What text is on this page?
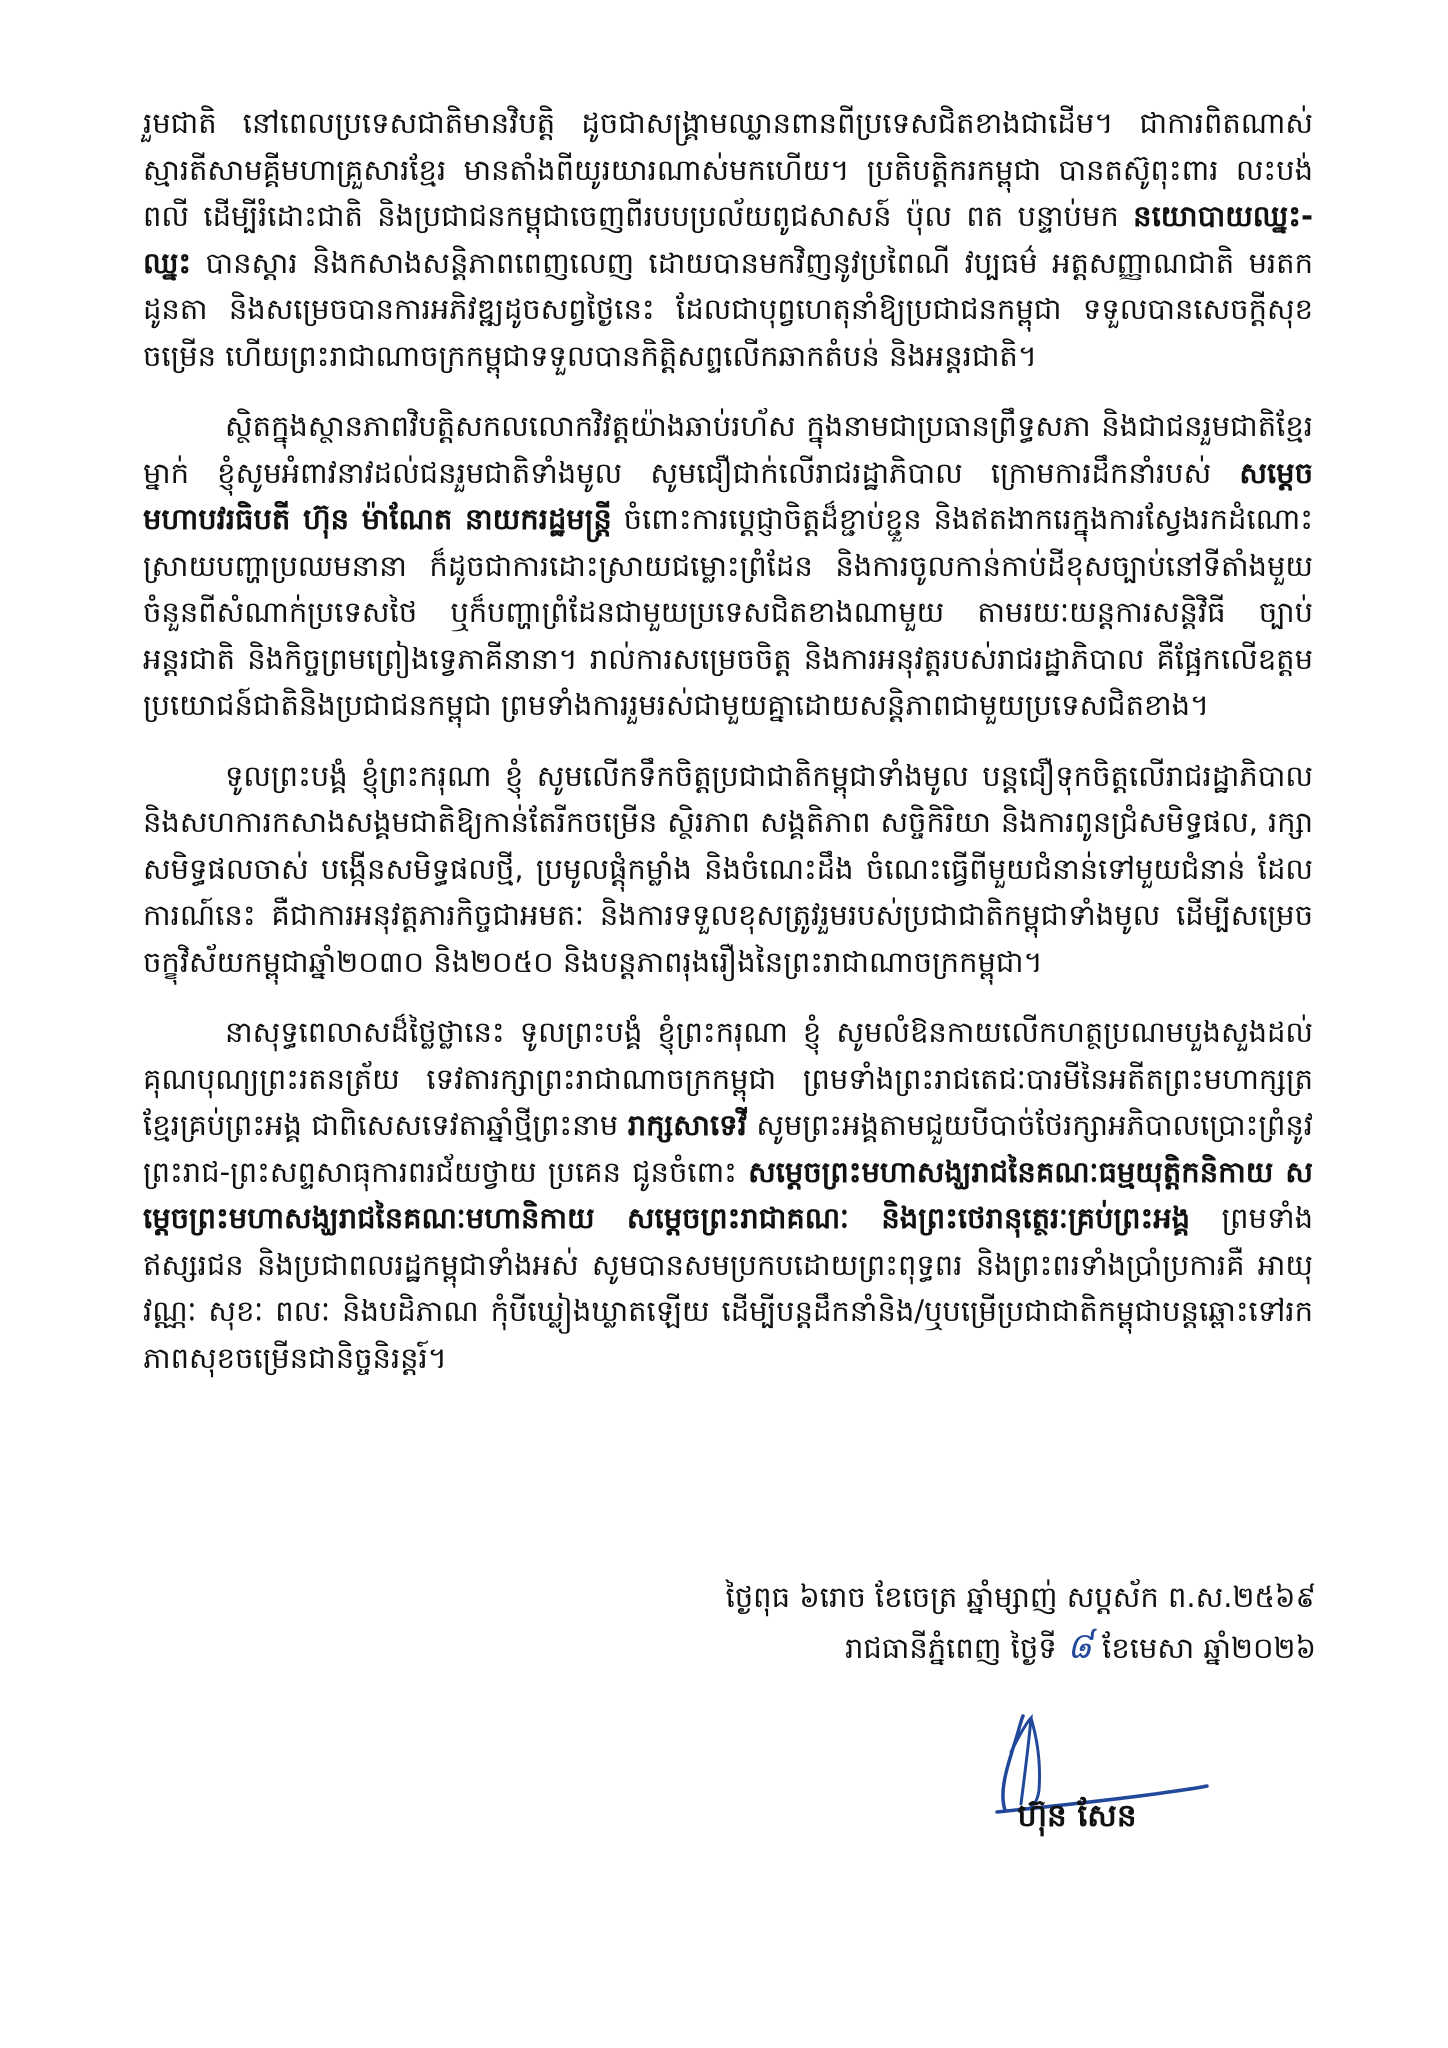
រួមជាតិ នៅពេលប្រទេសជាតិមានវិបត្តិ ដូចជាសង្គ្រាមឈ្លានពានពីប្រទេសជិតខាងជាដើម។ ជាការពិតណាស់ ស្មារតីសាមគ្គីមហាគ្រួសារខ្មែរ មានតាំងពីយូរយារណាស់មកហើយ។ ប្រតិបត្តិករកម្ពុជា បានតស៊ូពុះពារ លះបង់ ពលី ដើម្បីរំដោះជាតិ និងប្រជាជនកម្ពុជាចេញពីរបបប្រល័យពូជសាសន៍ ប៉ុល ពត បន្ទាប់មក នយោបាយឈ្នះ-ឈ្នះ បានស្តារ និងកសាងសន្តិភាពពេញលេញ ដោយបានមកវិញនូវប្រពៃណី វប្បធម៌ អត្តសញ្ញាណជាតិ មរតកដូនតា និងសម្រេចបានការអភិវឌ្ឍដូចសព្វថ្ងៃនេះ ដែលជាបុព្វហេតុនាំឱ្យប្រជាជនកម្ពុជា ទទួលបានសេចក្តីសុខចម្រើន ហើយព្រះរាជាណាចក្រកម្ពុជាទទួលបានកិត្តិសព្ទលើកឆាកតំបន់ និងអន្តរជាតិ។

ស្ថិតក្នុងស្ថានភាពវិបត្តិសកលលោកវិវត្តយ៉ាងឆាប់រហ័ស ក្នុងនាមជាប្រធានព្រឹទ្ធសភា និងជាជនរួមជាតិខ្មែរម្នាក់ ខ្ញុំសូមអំពាវនាវដល់ជនរួមជាតិទាំងមូល សូមជឿជាក់លើរាជរដ្ឋាភិបាល ក្រោមការដឹកនាំរបស់ សម្តេចមហាបវរធិបតី ហ៊ុន ម៉ាណែត នាយករដ្ឋមន្ត្រី ចំពោះការប្តេជ្ញាចិត្តដ៏ខ្ជាប់ខ្ជួន និងឥតងាករេក្នុងការស្វែងរកដំណោះស្រាយបញ្ហាប្រឈមនានា ក៏ដូចជាការដោះស្រាយជម្លោះព្រំដែន និងការចូលកាន់កាប់ដីខុសច្បាប់នៅទីតាំងមួយចំនួនពីសំណាក់ប្រទេសថៃ ឬក៏បញ្ហាព្រំដែនជាមួយប្រទេសជិតខាងណាមួយ តាមរយៈយន្តការសន្តិវិធី ច្បាប់អន្តរជាតិ និងកិច្ចព្រមព្រៀងទ្វេភាគីនានា។ រាល់ការសម្រេចចិត្ត និងការអនុវត្តរបស់រាជរដ្ឋាភិបាល គឺផ្អែកលើឧត្តមប្រយោជន៍ជាតិនិងប្រជាជនកម្ពុជា ព្រមទាំងការរួមរស់ជាមួយគ្នាដោយសន្តិភាពជាមួយប្រទេសជិតខាង។

ទូលព្រះបង្គំ ខ្ញុំព្រះករុណា ខ្ញុំ សូមលើកទឹកចិត្តប្រជាជាតិកម្ពុជាទាំងមូល បន្តជឿទុកចិត្តលើរាជរដ្ឋាភិបាល និងសហការកសាងសង្គមជាតិឱ្យកាន់តែរីកចម្រើន ស្ថិរភាព សង្គតិភាព សច្ចិកិរិយា និងការពូនជ្រំសមិទ្ធផល, រក្សាសមិទ្ធផលចាស់ បង្កើនសមិទ្ធផលថ្មី, ប្រមូលផ្តុំកម្លាំង និងចំណេះដឹង ចំណេះធ្វើពីមួយជំនាន់ទៅមួយជំនាន់ ដែលការណ៍នេះ គឺជាការអនុវត្តភារកិច្ចជាអមតៈ និងការទទួលខុសត្រូវរួមរបស់ប្រជាជាតិកម្ពុជាទាំងមូល ដើម្បីសម្រេចចក្ខុវិស័យកម្ពុជាឆ្នាំ២០៣០ និង២០៥០ និងបន្តភាពរុងរឿងនៃព្រះរាជាណាចក្រកម្ពុជា។

នាសុទ្ធពេលាសដ៏ថ្លៃថ្លានេះ ទូលព្រះបង្គំ ខ្ញុំព្រះករុណា ខ្ញុំ សូមលំឱនកាយលើកហត្ថប្រណមបួងសួងដល់គុណបុណ្យព្រះរតនត្រ័យ ទេវតារក្សាព្រះរាជាណាចក្រកម្ពុជា ព្រមទាំងព្រះរាជតេជៈបារមីនៃអតីតព្រះមហាក្សត្រខ្មែរគ្រប់ព្រះអង្គ ជាពិសេសទេវតាឆ្នាំថ្មីព្រះនាម រាក្សសាទេវី សូមព្រះអង្គតាមជួយបីបាច់ថែរក្សាអភិបាលប្រោះព្រំនូវព្រះរាជ-ព្រះសព្ទសាធុការពរជ័យថ្វាយ ប្រគេន ជូនចំពោះ សម្តេចព្រះមហាសង្ឃរាជនៃគណៈធម្មយុត្តិកនិកាយ សម្តេចព្រះមហាសង្ឃរាជនៃគណៈមហានិកាយ សម្តេចព្រះរាជាគណៈ និងព្រះថេរានុត្ថេរៈគ្រប់ព្រះអង្គ ព្រមទាំងឥស្សរជន និងប្រជាពលរដ្ឋកម្ពុជាទាំងអស់ សូមបានសមប្រកបដោយព្រះពុទ្ធពរ និងព្រះពរទាំងប្រាំប្រការគឺ អាយុ វណ្ណៈ សុខៈ ពលៈ និងបដិភាណ កុំបីឃ្លៀងឃ្លាតឡើយ ដើម្បីបន្តដឹកនាំនិង/ឬបម្រើប្រជាជាតិកម្ពុជាបន្តឆ្ពោះទៅរកភាពសុខចម្រើនជានិច្ចនិរន្តរ៍។

ថ្ងៃពុធ ៦រោច ខែចេត្រ ឆ្នាំម្សាញ់ សប្តស័ក ព.ស.២៥៦៩
រាជធានីភ្នំពេញ ថ្ងៃទី ៨ ខែមេសា ឆ្នាំ២០២៦
ហ៊ុន សែន
